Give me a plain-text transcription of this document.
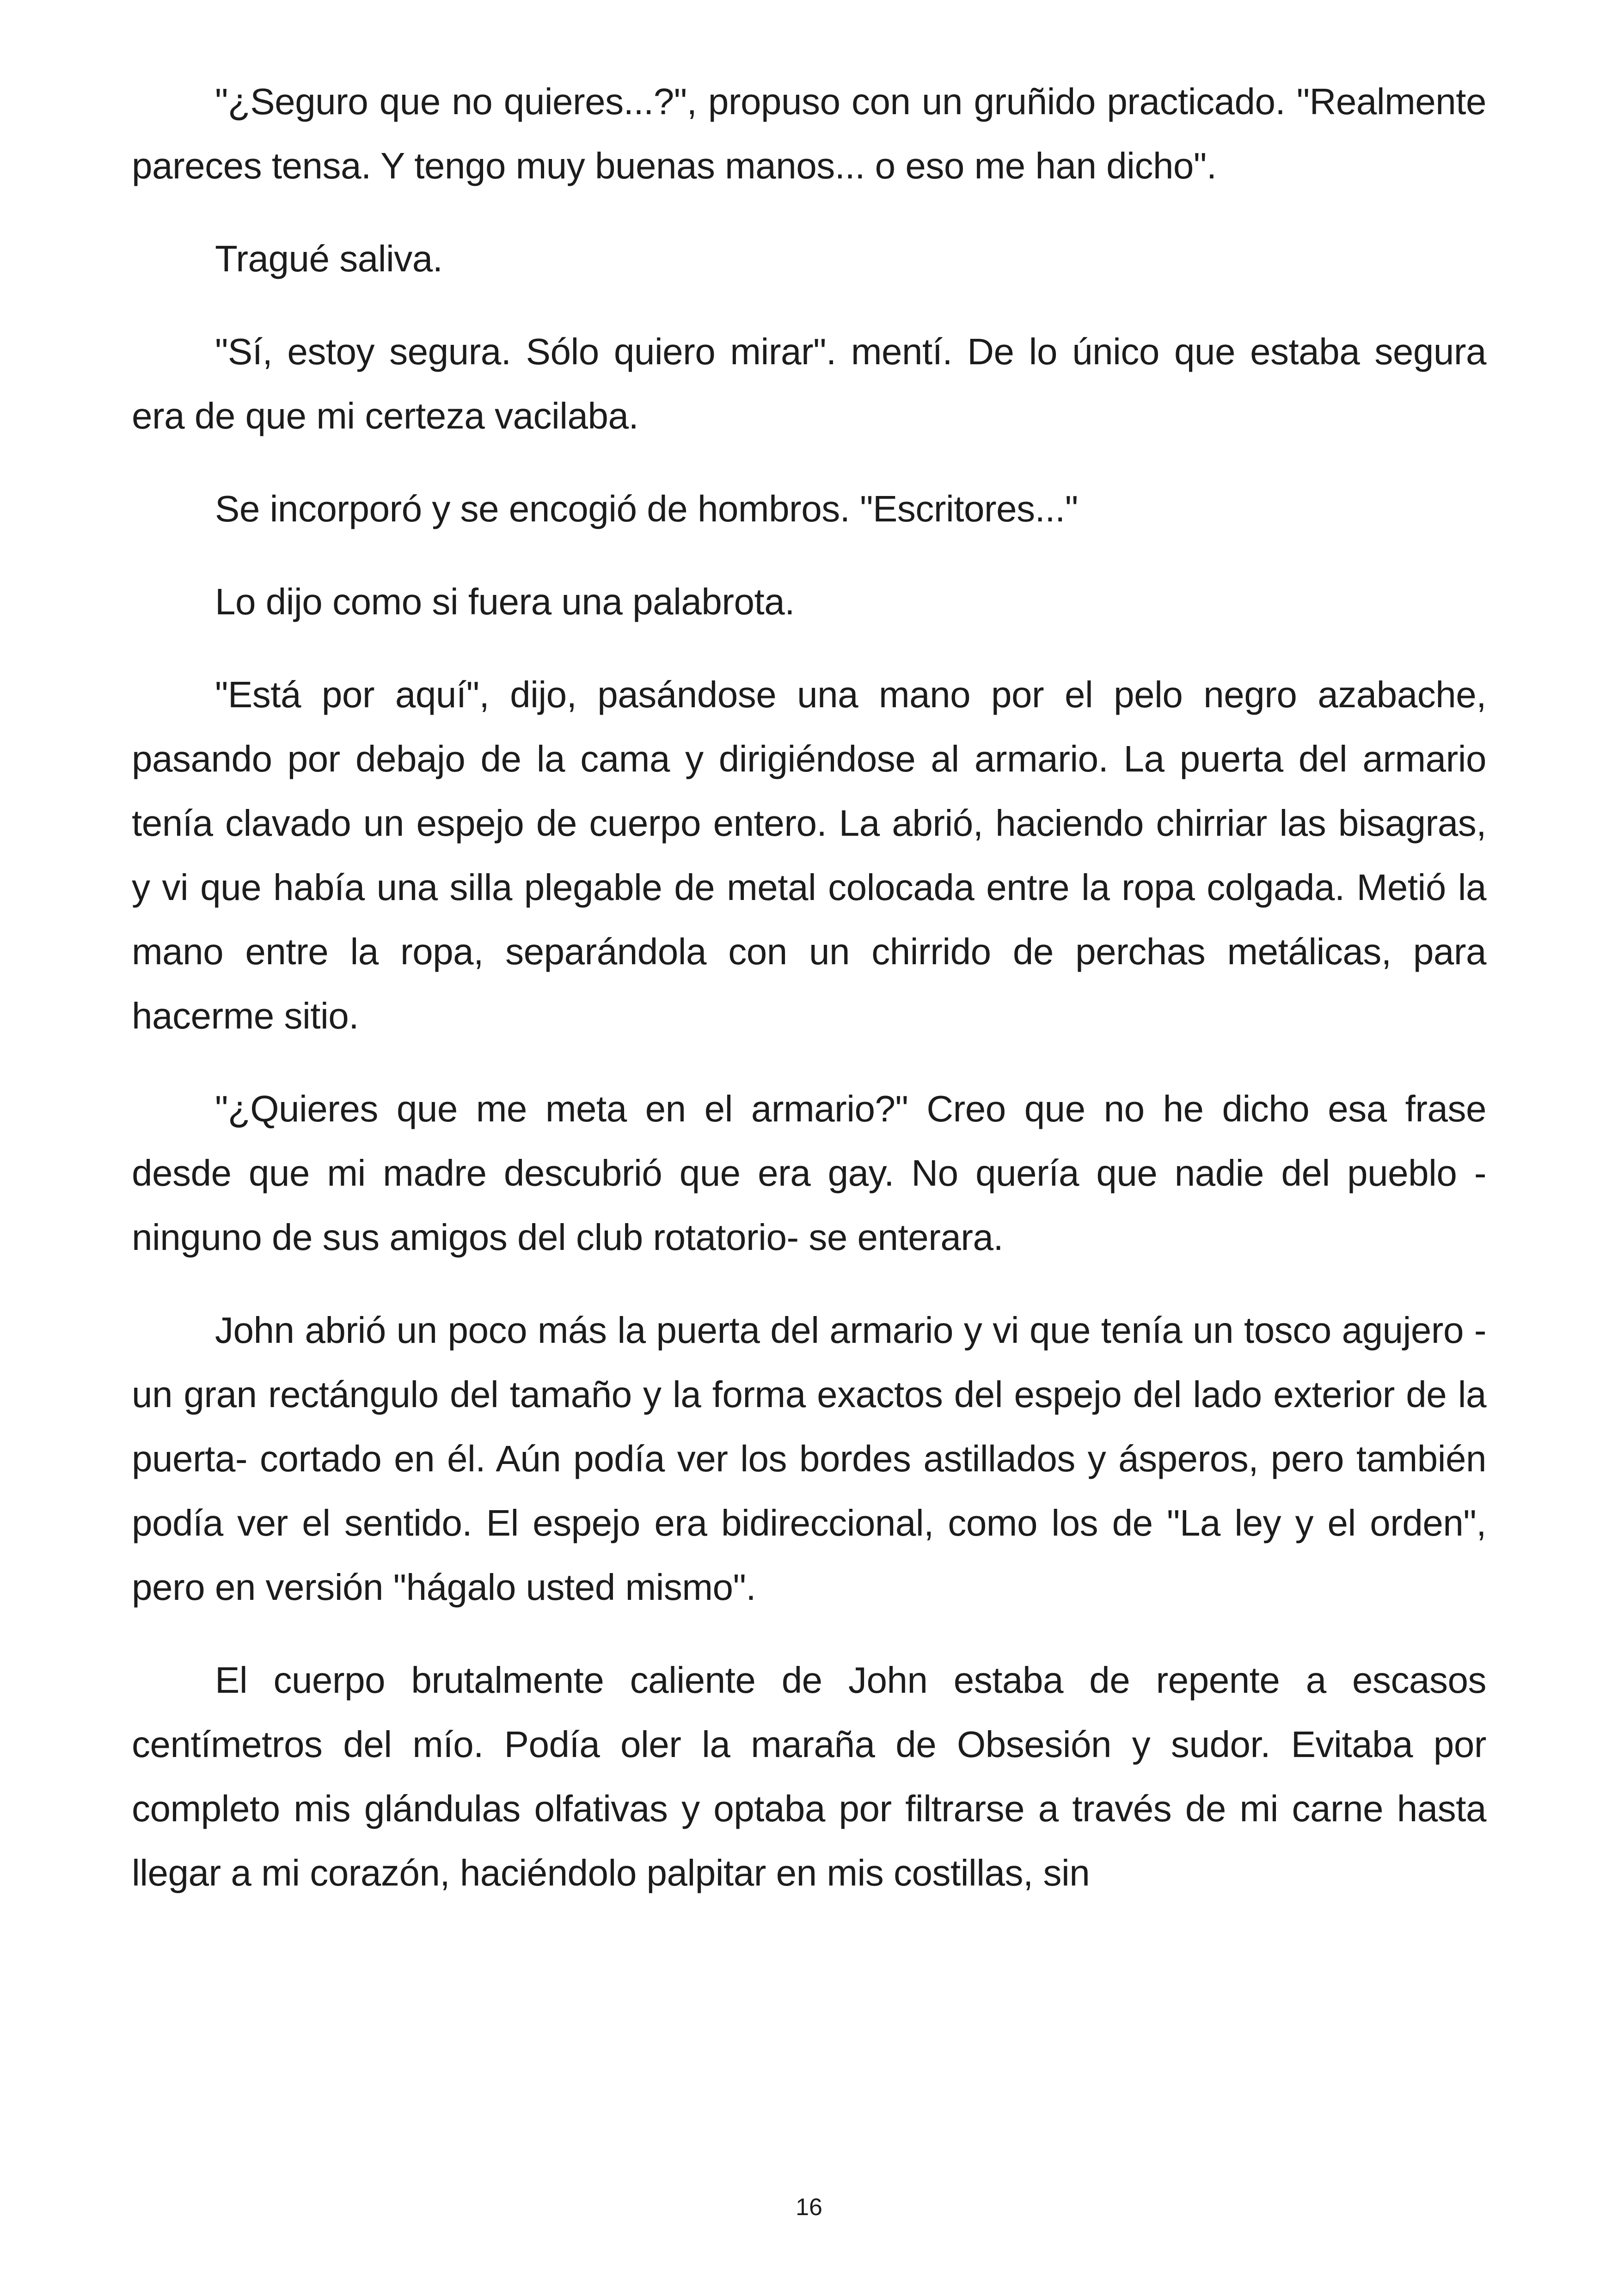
"¿Seguro que no quieres...?", propuso con un gruñido practicado. "Realmente pareces tensa. Y tengo muy buenas manos... o eso me han dicho".

Tragué saliva.

"Sí, estoy segura. Sólo quiero mirar". mentí. De lo único que estaba segura era de que mi certeza vacilaba.

Se incorporó y se encogió de hombros. "Escritores..."

Lo dijo como si fuera una palabrota.

"Está por aquí", dijo, pasándose una mano por el pelo negro azabache, pasando por debajo de la cama y dirigiéndose al armario. La puerta del armario tenía clavado un espejo de cuerpo entero. La abrió, haciendo chirriar las bisagras, y vi que había una silla plegable de metal colocada entre la ropa colgada. Metió la mano entre la ropa, separándola con un chirrido de perchas metálicas, para hacerme sitio.

"¿Quieres que me meta en el armario?" Creo que no he dicho esa frase desde que mi madre descubrió que era gay. No quería que nadie del pueblo -ninguno de sus amigos del club rotatorio- se enterara.

John abrió un poco más la puerta del armario y vi que tenía un tosco agujero -un gran rectángulo del tamaño y la forma exactos del espejo del lado exterior de la puerta- cortado en él. Aún podía ver los bordes astillados y ásperos, pero también podía ver el sentido. El espejo era bidireccional, como los de "La ley y el orden", pero en versión "hágalo usted mismo".

El cuerpo brutalmente caliente de John estaba de repente a escasos centímetros del mío. Podía oler la maraña de Obsesión y sudor. Evitaba por completo mis glándulas olfativas y optaba por filtrarse a través de mi carne hasta llegar a mi corazón, haciéndolo palpitar en mis costillas, sin

16
